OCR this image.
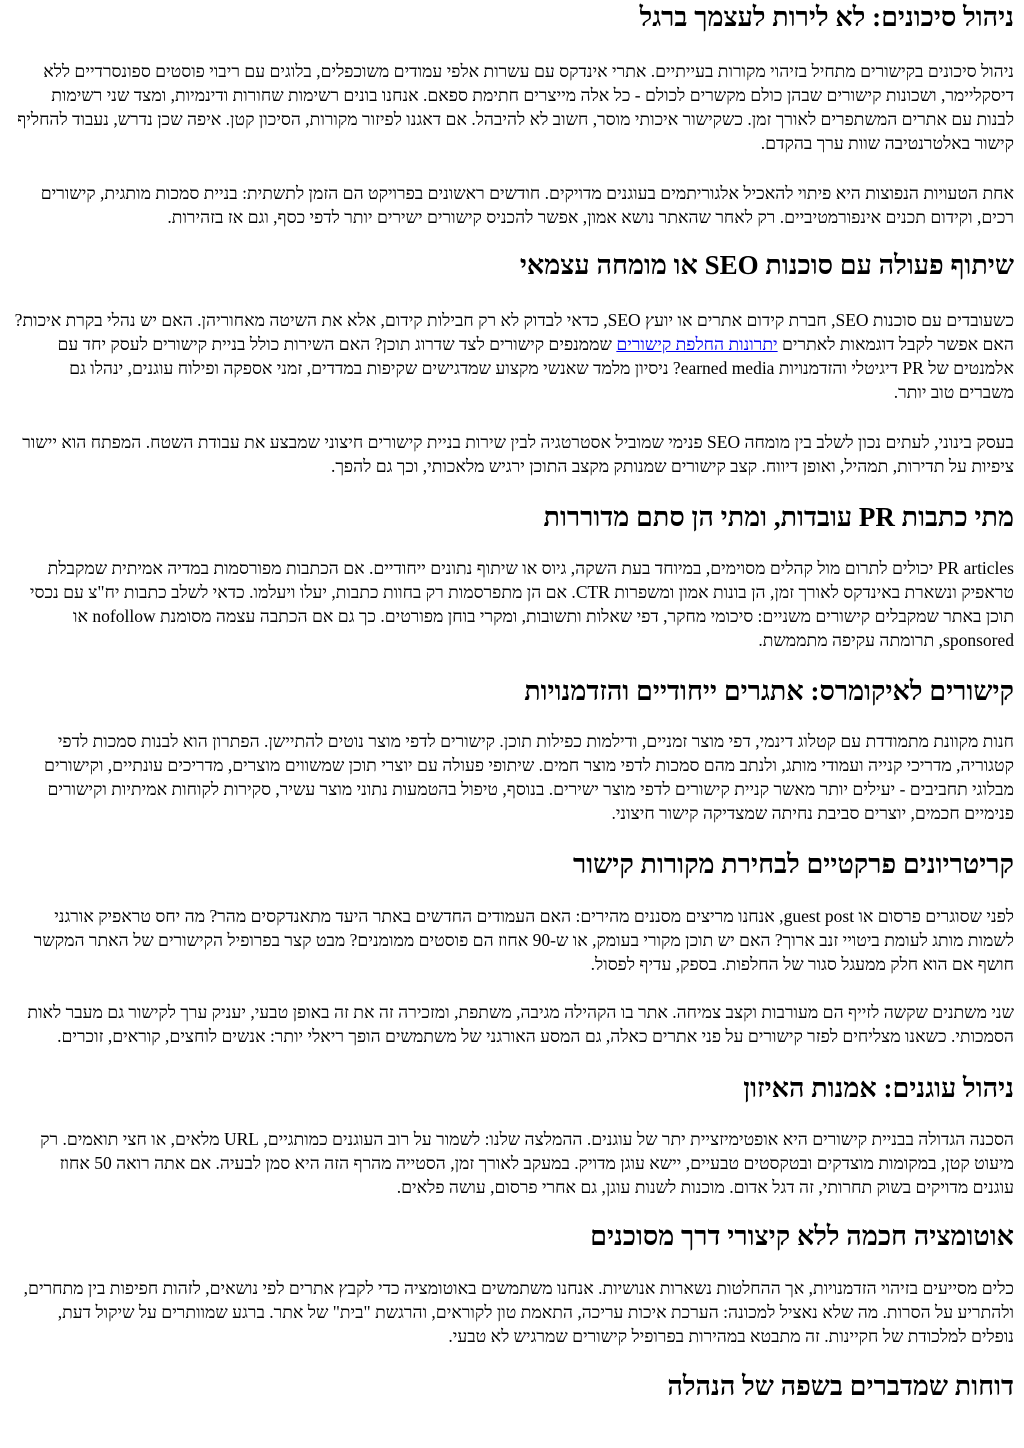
ניהול סיכונים: לא לירות לעצמך ברגל

ניהול סיכונים בקישורים מתחיל בזיהוי מקורות בעייתיים. אתרי אינדקס עם עשרות אלפי עמודים משוכפלים, בלוגים עם ריבוי פוסטים ספונסרדיים ללא דיסקליימר, ושכונות קישורים שבהן כולם מקשרים לכולם - כל אלה מייצרים חתימת ספאם. אנחנו בונים רשימות שחורות ודינמיות, ומצד שני רשימות לבנות עם אתרים המשתפרים לאורך זמן. כשקישור איכותי מוסר, חשוב לא להיבהל. אם דאגנו לפיזור מקורות, הסיכון קטן. איפה שכן נדרש, נעבוד להחליף קישור באלטרנטיבה שוות ערך בהקדם.

אחת הטעויות הנפוצות היא פיתוי להאכיל אלגוריתמים בעוגנים מדויקים. חודשים ראשונים בפרויקט הם הזמן לתשתית: בניית סמכות מותגית, קישורים רכים, וקידום תכנים אינפורמטיביים. רק לאחר שהאתר נושא אמון, אפשר להכניס קישורים ישירים יותר לדפי כסף, וגם אז בזהירות.

שיתוף פעולה עם סוכנות SEO או מומחה עצמאי

כשעובדים עם סוכנות SEO, חברת קידום אתרים או יועץ SEO, כדאי לבדוק לא רק חבילות קידום, אלא את השיטה מאחוריהן. האם יש נהלי בקרת איכות? האם אפשר לקבל דוגמאות לאתרים יתרונות החלפת קישורים שממנפים קישורים לצד שדרוג תוכן? האם השירות כולל בניית קישורים לעסק יחד עם אלמנטים של PR דיגיטלי והזדמנויות earned media? ניסיון מלמד שאנשי מקצוע שמדגישים שקיפות במדדים, זמני אספקה ופילוח עוגנים, ינהלו גם משברים טוב יותר.

בעסק בינוני, לעתים נכון לשלב בין מומחה SEO פנימי שמוביל אסטרטגיה לבין שירות בניית קישורים חיצוני שמבצע את עבודת השטח. המפתח הוא יישור ציפיות על תדירות, תמהיל, ואופן דיווח. קצב קישורים שמנותק מקצב התוכן ירגיש מלאכותי, וכך גם להפך.

מתי כתבות PR עובדות, ומתי הן סתם מדוררות

PR articles יכולים לתרום מול קהלים מסוימים, במיוחד בעת השקה, גיוס או שיתוף נתונים ייחודיים. אם הכתבות מפורסמות במדיה אמיתית שמקבלת טראפיק ונשארת באינדקס לאורך זמן, הן בונות אמון ומשפרות CTR. אם הן מתפרסמות רק בחוות כתבות, יעלו ויעלמו. כדאי לשלב כתבות יח"צ עם נכסי תוכן באתר שמקבלים קישורים משניים: סיכומי מחקר, דפי שאלות ותשובות, ומקרי בוחן מפורטים. כך גם אם הכתבה עצמה מסומנת nofollow או sponsored, תרומתה עקיפה מתממשת.

קישורים לאיקומרס: אתגרים ייחודיים והזדמנויות

חנות מקוונת מתמודדת עם קטלוג דינמי, דפי מוצר זמניים, ודילמות כפילות תוכן. קישורים לדפי מוצר נוטים להתיישן. הפתרון הוא לבנות סמכות לדפי קטגוריה, מדריכי קנייה ועמודי מותג, ולנתב מהם סמכות לדפי מוצר חמים. שיתופי פעולה עם יוצרי תוכן שמשווים מוצרים, מדריכים עונתיים, וקישורים מבלוגי תחביבים - יעילים יותר מאשר קניית קישורים לדפי מוצר ישירים. בנוסף, טיפול בהטמעות נתוני מוצר עשיר, סקירות לקוחות אמיתיות וקישורים פנימיים חכמים, יוצרים סביבת נחיתה שמצדיקה קישור חיצוני.

קריטריונים פרקטיים לבחירת מקורות קישור

לפני שסוגרים פרסום או guest post, אנחנו מריצים מסננים מהירים: האם העמודים החדשים באתר היעד מתאנדקסים מהר? מה יחס טראפיק אורגני לשמות מותג לעומת ביטויי זנב ארוך? האם יש תוכן מקורי בעומק, או ש-90 אחוז הם פוסטים ממומנים? מבט קצר בפרופיל הקישורים של האתר המקשר חושף אם הוא חלק ממעגל סגור של החלפות. בספק, עדיף לפסול.

שני משתנים שקשה לזייף הם מעורבות וקצב צמיחה. אתר בו הקהילה מגיבה, משתפת, ומזכירה זה את זה באופן טבעי, יעניק ערך לקישור גם מעבר לאות הסמכותי. כשאנו מצליחים לפזר קישורים על פני אתרים כאלה, גם המסע האורגני של משתמשים הופך ריאלי יותר: אנשים לוחצים, קוראים, זוכרים.

ניהול עוגנים: אמנות האיזון

הסכנה הגדולה בבניית קישורים היא אופטימיזציית יתר של עוגנים. ההמלצה שלנו: לשמור על רוב העוגנים כמותגיים, URL מלאים, או חצי תואמים. רק מיעוט קטן, במקומות מוצדקים ובטקסטים טבעיים, יישא עוגן מדויק. במעקב לאורך זמן, הסטייה מהרף הזה היא סמן לבעיה. אם אתה רואה 50 אחוז עוגנים מדויקים בשוק תחרותי, זה דגל אדום. מוכנות לשנות עוגן, גם אחרי פרסום, עושה פלאים.

אוטומציה חכמה ללא קיצורי דרך מסוכנים

כלים מסייעים בזיהוי הזדמנויות, אך ההחלטות נשארות אנושיות. אנחנו משתמשים באוטומציה כדי לקבץ אתרים לפי נושאים, לזהות חפיפות בין מתחרים, ולהתריע על הסרות. מה שלא נאציל למכונה: הערכת איכות עריכה, התאמת טון לקוראים, והרגשת "בית" של אתר. ברגע שמוותרים על שיקול דעת, נופלים למלכודת של חקיינות. זה מתבטא במהירות בפרופיל קישורים שמרגיש לא טבעי.

דוחות שמדברים בשפה של הנהלה
